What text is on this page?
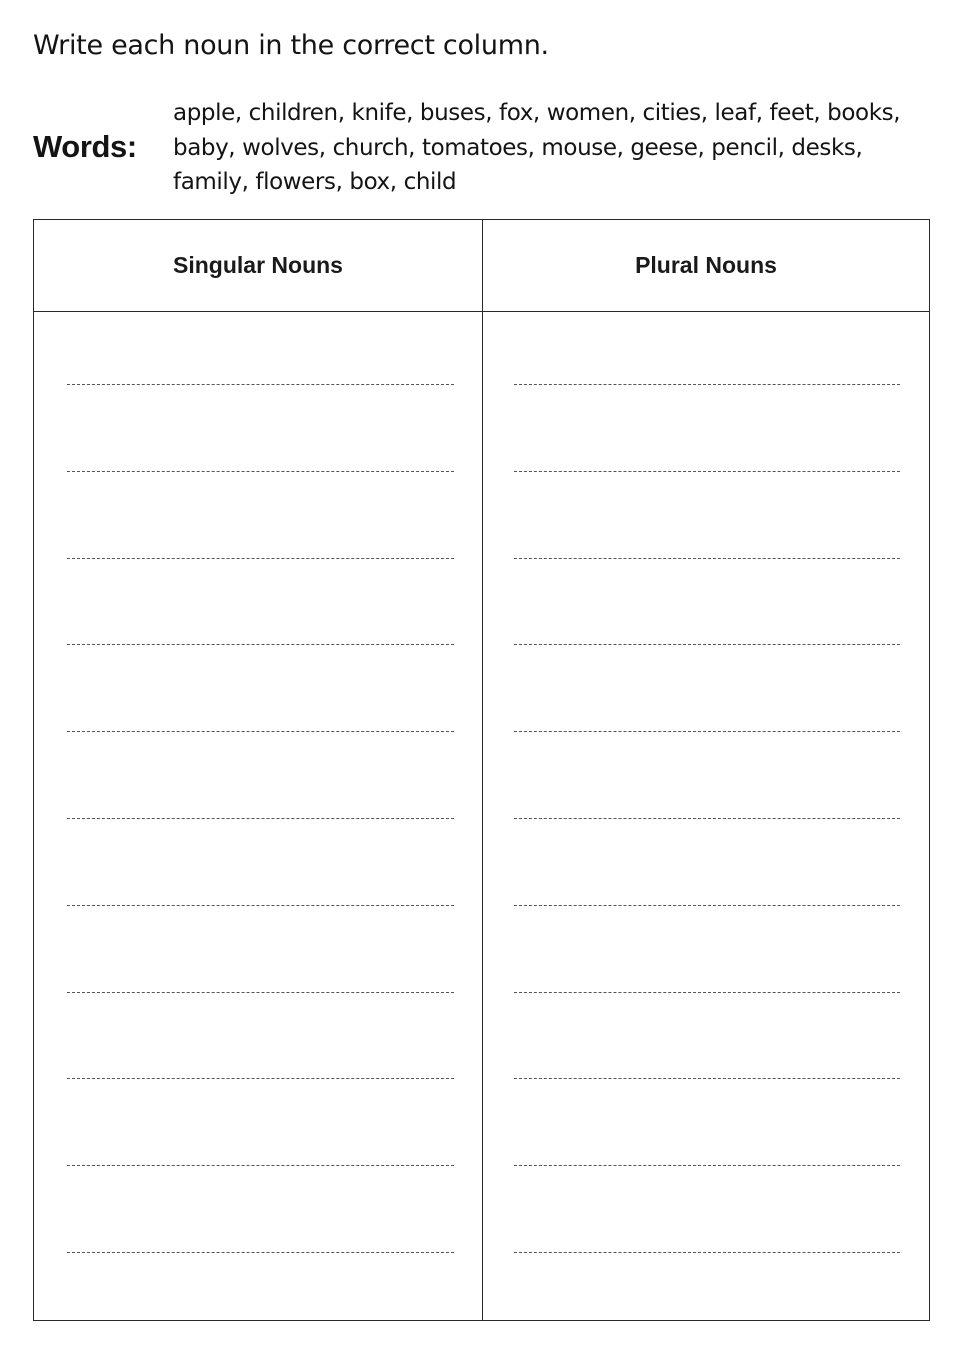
Write each noun in the correct column.
Words:
apple, children, knife, buses, fox, women, cities, leaf, feet, books, baby, wolves, church, tomatoes, mouse, geese, pencil, desks, family, flowers, box, child
Singular Nouns	Plural Nouns
